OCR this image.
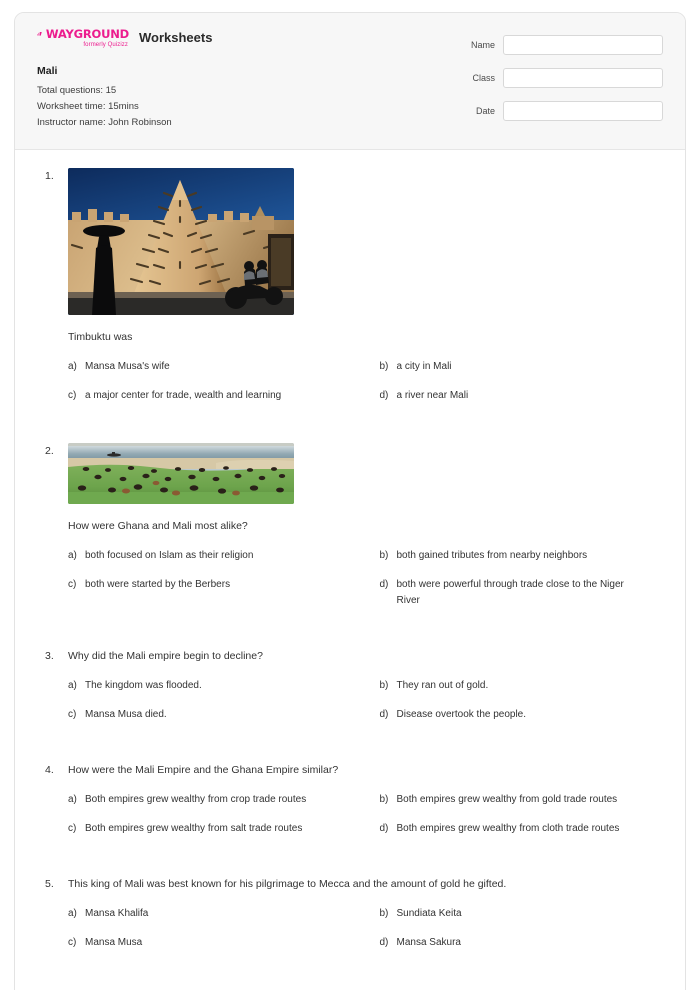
WAYGROUND
formerly Quizizz Worksheets
Mali
Total questions: 15
Worksheet time: 15mins
Instructor name: John Robinson
Name
Class
Date
1.
Timbuktu was
a) Mansa Musa's wife	b) a city in Mali
c) a major center for trade, wealth and learning	d) a river near Mali
2.
How were Ghana and Mali most alike?
a) both focused on Islam as their religion	b) both gained tributes from nearby neighbors
c) both were started by the Berbers	d) both were powerful through trade close to the Niger River
3. Why did the Mali empire begin to decline?
a) The kingdom was flooded.	b) They ran out of gold.
c) Mansa Musa died.	d) Disease overtook the people.
4. How were the Mali Empire and the Ghana Empire similar?
a) Both empires grew wealthy from crop trade routes	b) Both empires grew wealthy from gold trade routes
c) Both empires grew wealthy from salt trade routes	d) Both empires grew wealthy from cloth trade routes
5. This king of Mali was best known for his pilgrimage to Mecca and the amount of gold he gifted.
a) Mansa Khalifa	b) Sundiata Keita
c) Mansa Musa	d) Mansa Sakura
